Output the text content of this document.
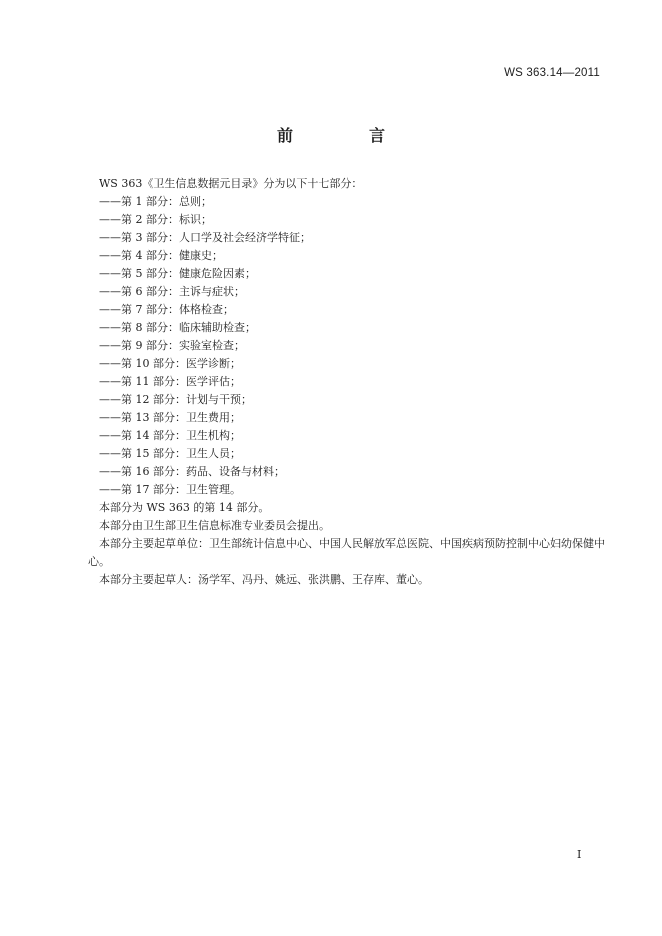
WS 363.14—2011
前　言

WS 363《卫生信息数据元目录》分为以下十七部分：

——第 1 部分：总则；
——第 2 部分：标识；
——第 3 部分：人口学及社会经济学特征；
——第 4 部分：健康史；
——第 5 部分：健康危险因素；
——第 6 部分：主诉与症状；
——第 7 部分：体格检查；
——第 8 部分：临床辅助检查；
——第 9 部分：实验室检查；
——第 10 部分：医学诊断；
——第 11 部分：医学评估；
——第 12 部分：计划与干预；
——第 13 部分：卫生费用；
——第 14 部分：卫生机构；
——第 15 部分：卫生人员；
——第 16 部分：药品、设备与材料；
——第 17 部分：卫生管理。

本部分为 WS 363 的第 14 部分。

本部分由卫生部卫生信息标准专业委员会提出。

本部分主要起草单位：卫生部统计信息中心、中国人民解放军总医院、中国疾病预防控制中心妇幼保健中心。

本部分主要起草人：汤学军、冯丹、姚远、张洪鹏、王存库、董心。

I
